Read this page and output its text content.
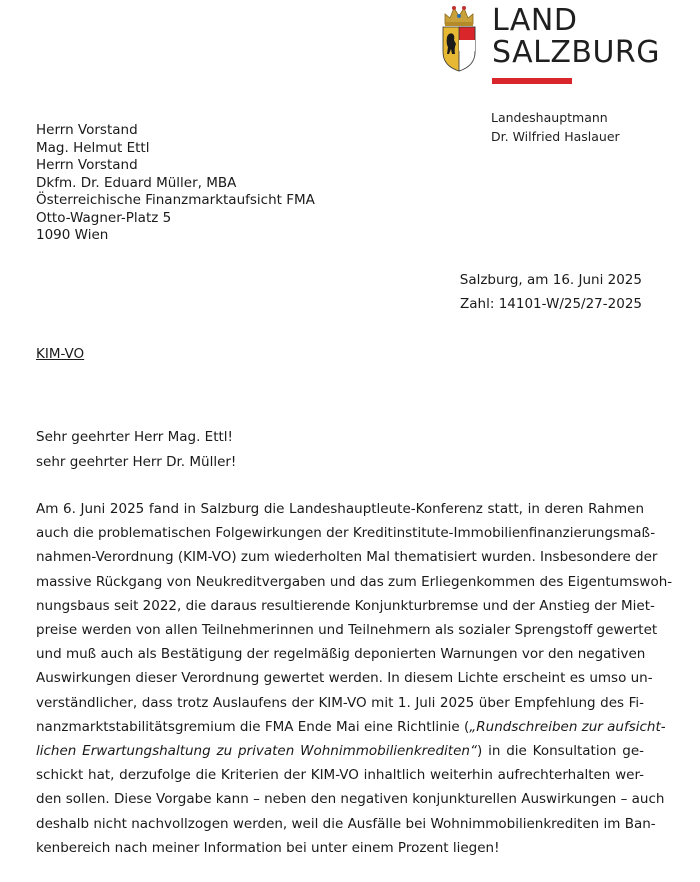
LAND
SALZBURG
Landeshauptmann
Dr. Wilfried Haslauer
Herrn Vorstand
Mag. Helmut Ettl
Herrn Vorstand
Dkfm. Dr. Eduard Müller, MBA
Österreichische Finanzmarktaufsicht FMA
Otto-Wagner-Platz 5
1090 Wien
Salzburg, am 16. Juni 2025
Zahl: 14101-W/25/27-2025
KIM-VO
Sehr geehrter Herr Mag. Ettl!
sehr geehrter Herr Dr. Müller!
Am 6. Juni 2025 fand in Salzburg die Landeshauptleute-Konferenz statt, in deren Rahmen
auch die problematischen Folgewirkungen der Kreditinstitute-Immobilienfinanzierungsmaß-
nahmen-Verordnung (KIM-VO) zum wiederholten Mal thematisiert wurden. Insbesondere der
massive Rückgang von Neukreditvergaben und das zum Erliegenkommen des Eigentumswoh-
nungsbaus seit 2022, die daraus resultierende Konjunkturbremse und der Anstieg der Miet-
preise werden von allen Teilnehmerinnen und Teilnehmern als sozialer Sprengstoff gewertet
und muß auch als Bestätigung der regelmäßig deponierten Warnungen vor den negativen
Auswirkungen dieser Verordnung gewertet werden. In diesem Lichte erscheint es umso un-
verständlicher, dass trotz Auslaufens der KIM-VO mit 1. Juli 2025 über Empfehlung des Fi-
nanzmarktstabilitätsgremium die FMA Ende Mai eine Richtlinie („Rundschreiben zur aufsicht-
lichen Erwartungshaltung zu privaten Wohnimmobilienkrediten“) in die Konsultation ge-
schickt hat, derzufolge die Kriterien der KIM-VO inhaltlich weiterhin aufrechterhalten wer-
den sollen. Diese Vorgabe kann – neben den negativen konjunkturellen Auswirkungen – auch
deshalb nicht nachvollzogen werden, weil die Ausfälle bei Wohnimmobilienkrediten im Ban-
kenbereich nach meiner Information bei unter einem Prozent liegen!
